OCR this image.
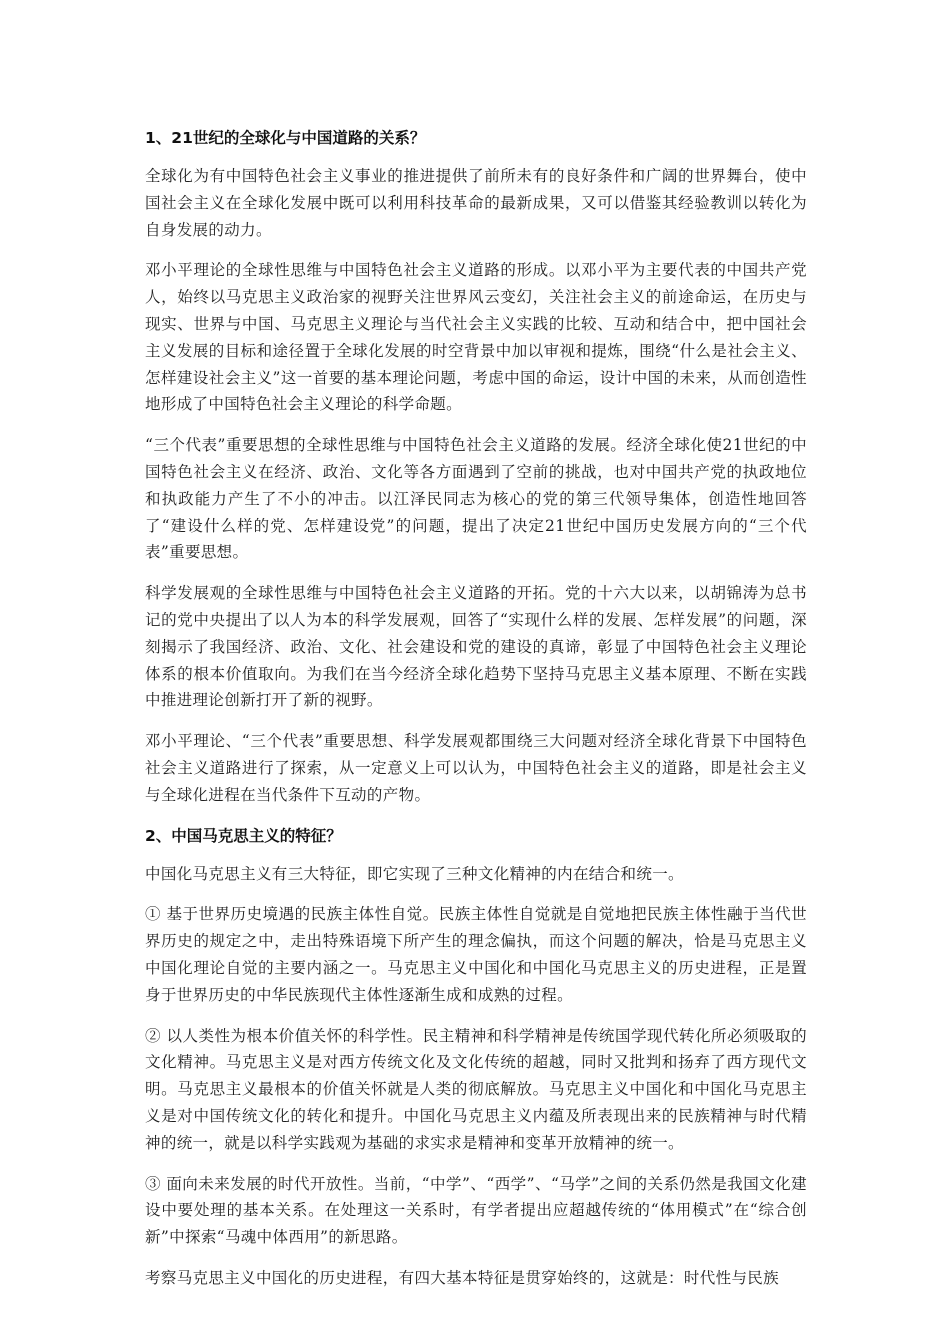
1、21世纪的全球化与中国道路的关系？

全球化为有中国特色社会主义事业的推进提供了前所未有的良好条件和广阔的世界舞台，使中国社会主义在全球化发展中既可以利用科技革命的最新成果，又可以借鉴其经验教训以转化为自身发展的动力。

邓小平理论的全球性思维与中国特色社会主义道路的形成。以邓小平为主要代表的中国共产党人，始终以马克思主义政治家的视野关注世界风云变幻，关注社会主义的前途命运，在历史与现实、世界与中国、马克思主义理论与当代社会主义实践的比较、互动和结合中，把中国社会主义发展的目标和途径置于全球化发展的时空背景中加以审视和提炼，围绕“什么是社会主义、怎样建设社会主义”这一首要的基本理论问题，考虑中国的命运，设计中国的未来，从而创造性地形成了中国特色社会主义理论的科学命题。

“三个代表”重要思想的全球性思维与中国特色社会主义道路的发展。经济全球化使21世纪的中国特色社会主义在经济、政治、文化等各方面遇到了空前的挑战，也对中国共产党的执政地位和执政能力产生了不小的冲击。以江泽民同志为核心的党的第三代领导集体，创造性地回答了“建设什么样的党、怎样建设党”的问题，提出了决定21世纪中国历史发展方向的“三个代表”重要思想。

科学发展观的全球性思维与中国特色社会主义道路的开拓。党的十六大以来，以胡锦涛为总书记的党中央提出了以人为本的科学发展观，回答了“实现什么样的发展、怎样发展”的问题，深刻揭示了我国经济、政治、文化、社会建设和党的建设的真谛，彰显了中国特色社会主义理论体系的根本价值取向。为我们在当今经济全球化趋势下坚持马克思主义基本原理、不断在实践中推进理论创新打开了新的视野。

邓小平理论、“三个代表”重要思想、科学发展观都围绕三大问题对经济全球化背景下中国特色社会主义道路进行了探索，从一定意义上可以认为，中国特色社会主义的道路，即是社会主义与全球化进程在当代条件下互动的产物。

2、中国马克思主义的特征？

中国化马克思主义有三大特征，即它实现了三种文化精神的内在结合和统一。

① 基于世界历史境遇的民族主体性自觉。民族主体性自觉就是自觉地把民族主体性融于当代世界历史的规定之中，走出特殊语境下所产生的理念偏执，而这个问题的解决，恰是马克思主义中国化理论自觉的主要内涵之一。马克思主义中国化和中国化马克思主义的历史进程，正是置身于世界历史的中华民族现代主体性逐渐生成和成熟的过程。

② 以人类性为根本价值关怀的科学性。民主精神和科学精神是传统国学现代转化所必须吸取的文化精神。马克思主义是对西方传统文化及文化传统的超越，同时又批判和扬弃了西方现代文明。马克思主义最根本的价值关怀就是人类的彻底解放。马克思主义中国化和中国化马克思主义是对中国传统文化的转化和提升。中国化马克思主义内蕴及所表现出来的民族精神与时代精神的统一，就是以科学实践观为基础的求实求是精神和变革开放精神的统一。

③ 面向未来发展的时代开放性。当前，“中学”、“西学”、“马学”之间的关系仍然是我国文化建设中要处理的基本关系。在处理这一关系时，有学者提出应超越传统的“体用模式”在“综合创新”中探索“马魂中体西用”的新思路。

考察马克思主义中国化的历史进程，有四大基本特征是贯穿始终的，这就是：时代性与民族
